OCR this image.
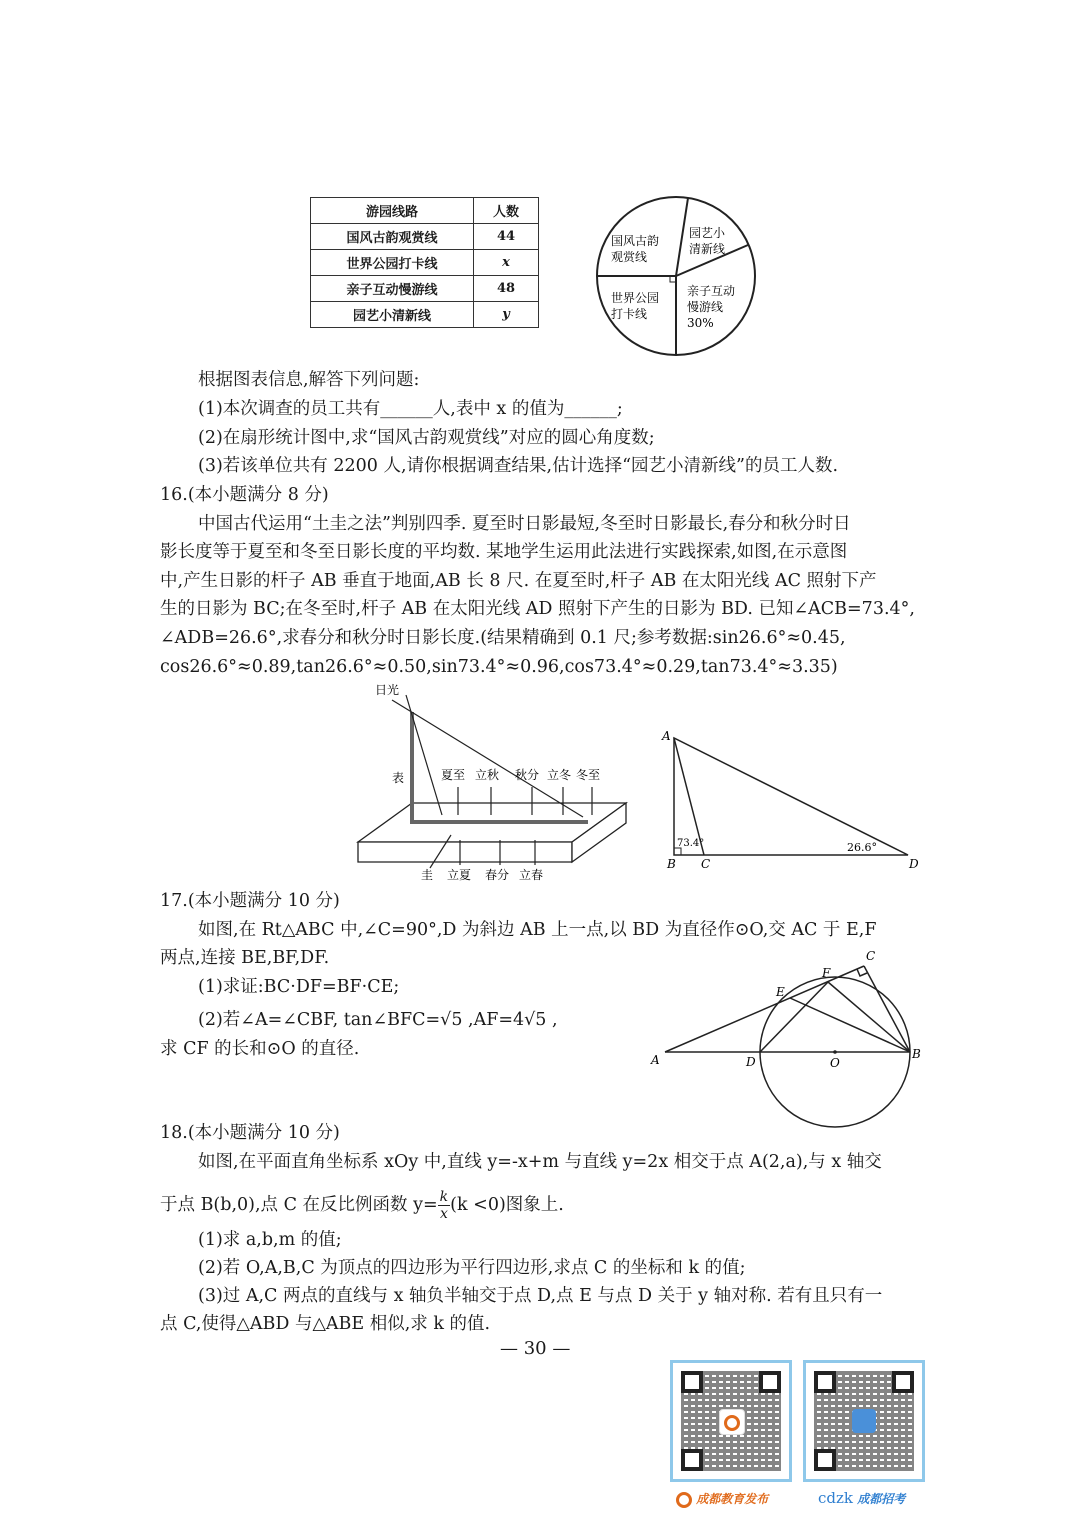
游园线路	人数
国风古韵观赏线	44
世界公园打卡线	x
亲子互动慢游线	48
园艺小清新线	y
国风古韵
观赏线
园艺小
清新线
亲子互动
慢游线
30%
世界公园
打卡线
根据图表信息,解答下列问题:
(1)本次调查的员工共有______人,表中 x 的值为______;
(2)在扇形统计图中,求“国风古韵观赏线”对应的圆心角度数;
(3)若该单位共有 2200 人,请你根据调查结果,估计选择“园艺小清新线”的员工人数.
16.(本小题满分 8 分)
中国古代运用“土圭之法”判别四季. 夏至时日影最短,冬至时日影最长,春分和秋分时日
影长度等于夏至和冬至日影长度的平均数. 某地学生运用此法进行实践探索,如图,在示意图
中,产生日影的杆子 AB 垂直于地面,AB 长 8 尺. 在夏至时,杆子 AB 在太阳光线 AC 照射下产
生的日影为 BC;在冬至时,杆子 AB 在太阳光线 AD 照射下产生的日影为 BD. 已知∠ACB=73.4°,
∠ADB=26.6°,求春分和秋分时日影长度.(结果精确到 0.1 尺;参考数据:sin26.6°≈0.45,
cos26.6°≈0.89,tan26.6°≈0.50,sin73.4°≈0.96,cos73.4°≈0.29,tan73.4°≈3.35)
日光
表	夏至 立秋 秋分 立冬 冬至
圭 立夏 春分 立春
A
B C	D
73.4°	26.6°
17.(本小题满分 10 分)
如图,在 Rt△ABC 中,∠C=90°,D 为斜边 AB 上一点,以 BD 为直径作⊙O,交 AC 于 E,F
两点,连接 BE,BF,DF.
(1)求证:BC·DF=BF·CE;
(2)若∠A=∠CBF, tan∠BFC=√5 ,AF=4√5 ,
求 CF 的长和⊙O 的直径.
A	D	O
B
C
E
F
18.(本小题满分 10 分)
如图,在平面直角坐标系 xOy 中,直线 y=-x+m 与直线 y=2x 相交于点 A(2,a),与 x 轴交
于点 B(b,0),点 C 在反比例函数 $y= \frac{k}{x} (k <0)$图象上.
(1)求 a,b,m 的值;
(2)若 O,A,B,C 为顶点的四边形为平行四边形,求点 C 的坐标和 k 的值;
(3)过 A,C 两点的直线与 x 轴负半轴交于点 D,点 E 与点 D 关于 y 轴对称. 若有且只有一
点 C,使得△ABD 与△ABE 相似,求 k 的值.
— 30 —
成都教育发布	cdzk 成都招考
